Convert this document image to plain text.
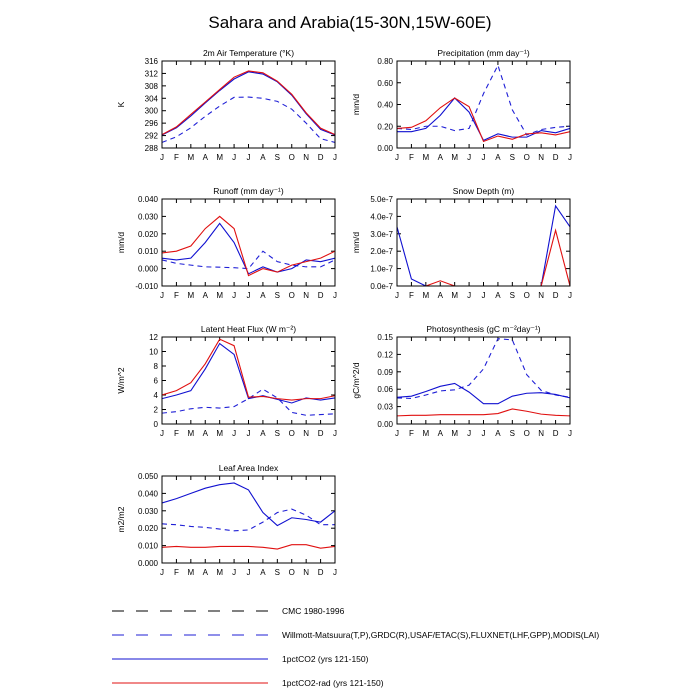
Sahara and Arabia(15-30N,15W-60E)
2m Air Temperature (°K)
K
288
292
296
300
304
308
312
316
J F M A M J J A S O N D J
Precipitation (mm day⁻¹)
mm/d
0.00
0.20
0.40
0.60
0.80
J F M A M J J A S O N D J
Runoff (mm day⁻¹)
mm/d
-0.010
0.000
0.010
0.020
0.030
0.040
J F M A M J J A S O N D J
Snow Depth (m)
mm/d
0.0e-7
1.0e-7
2.0e-7
3.0e-7
4.0e-7
5.0e-7
J F M A M J J A S O N D J
Latent Heat Flux (W m⁻²)
W/m^2
0
2
4
6
8
10
12
J F M A M J J A S O N D J
Photosynthesis (gC m⁻²day⁻¹)
gC/m^2/d
0.00
0.03
0.06
0.09
0.12
0.15
J F M A M J J A S O N D J
Leaf Area Index
m2/m2
0.000
0.010
0.020
0.030
0.040
0.050
J F M A M J J A S O N D J
CMC 1980-1996
Willmott-Matsuura(T,P),GRDC(R),USAF/ETAC(S),FLUXNET(LHF,GPP),MODIS(LAI)
1pctCO2 (yrs 121-150)
1pctCO2-rad (yrs 121-150)
